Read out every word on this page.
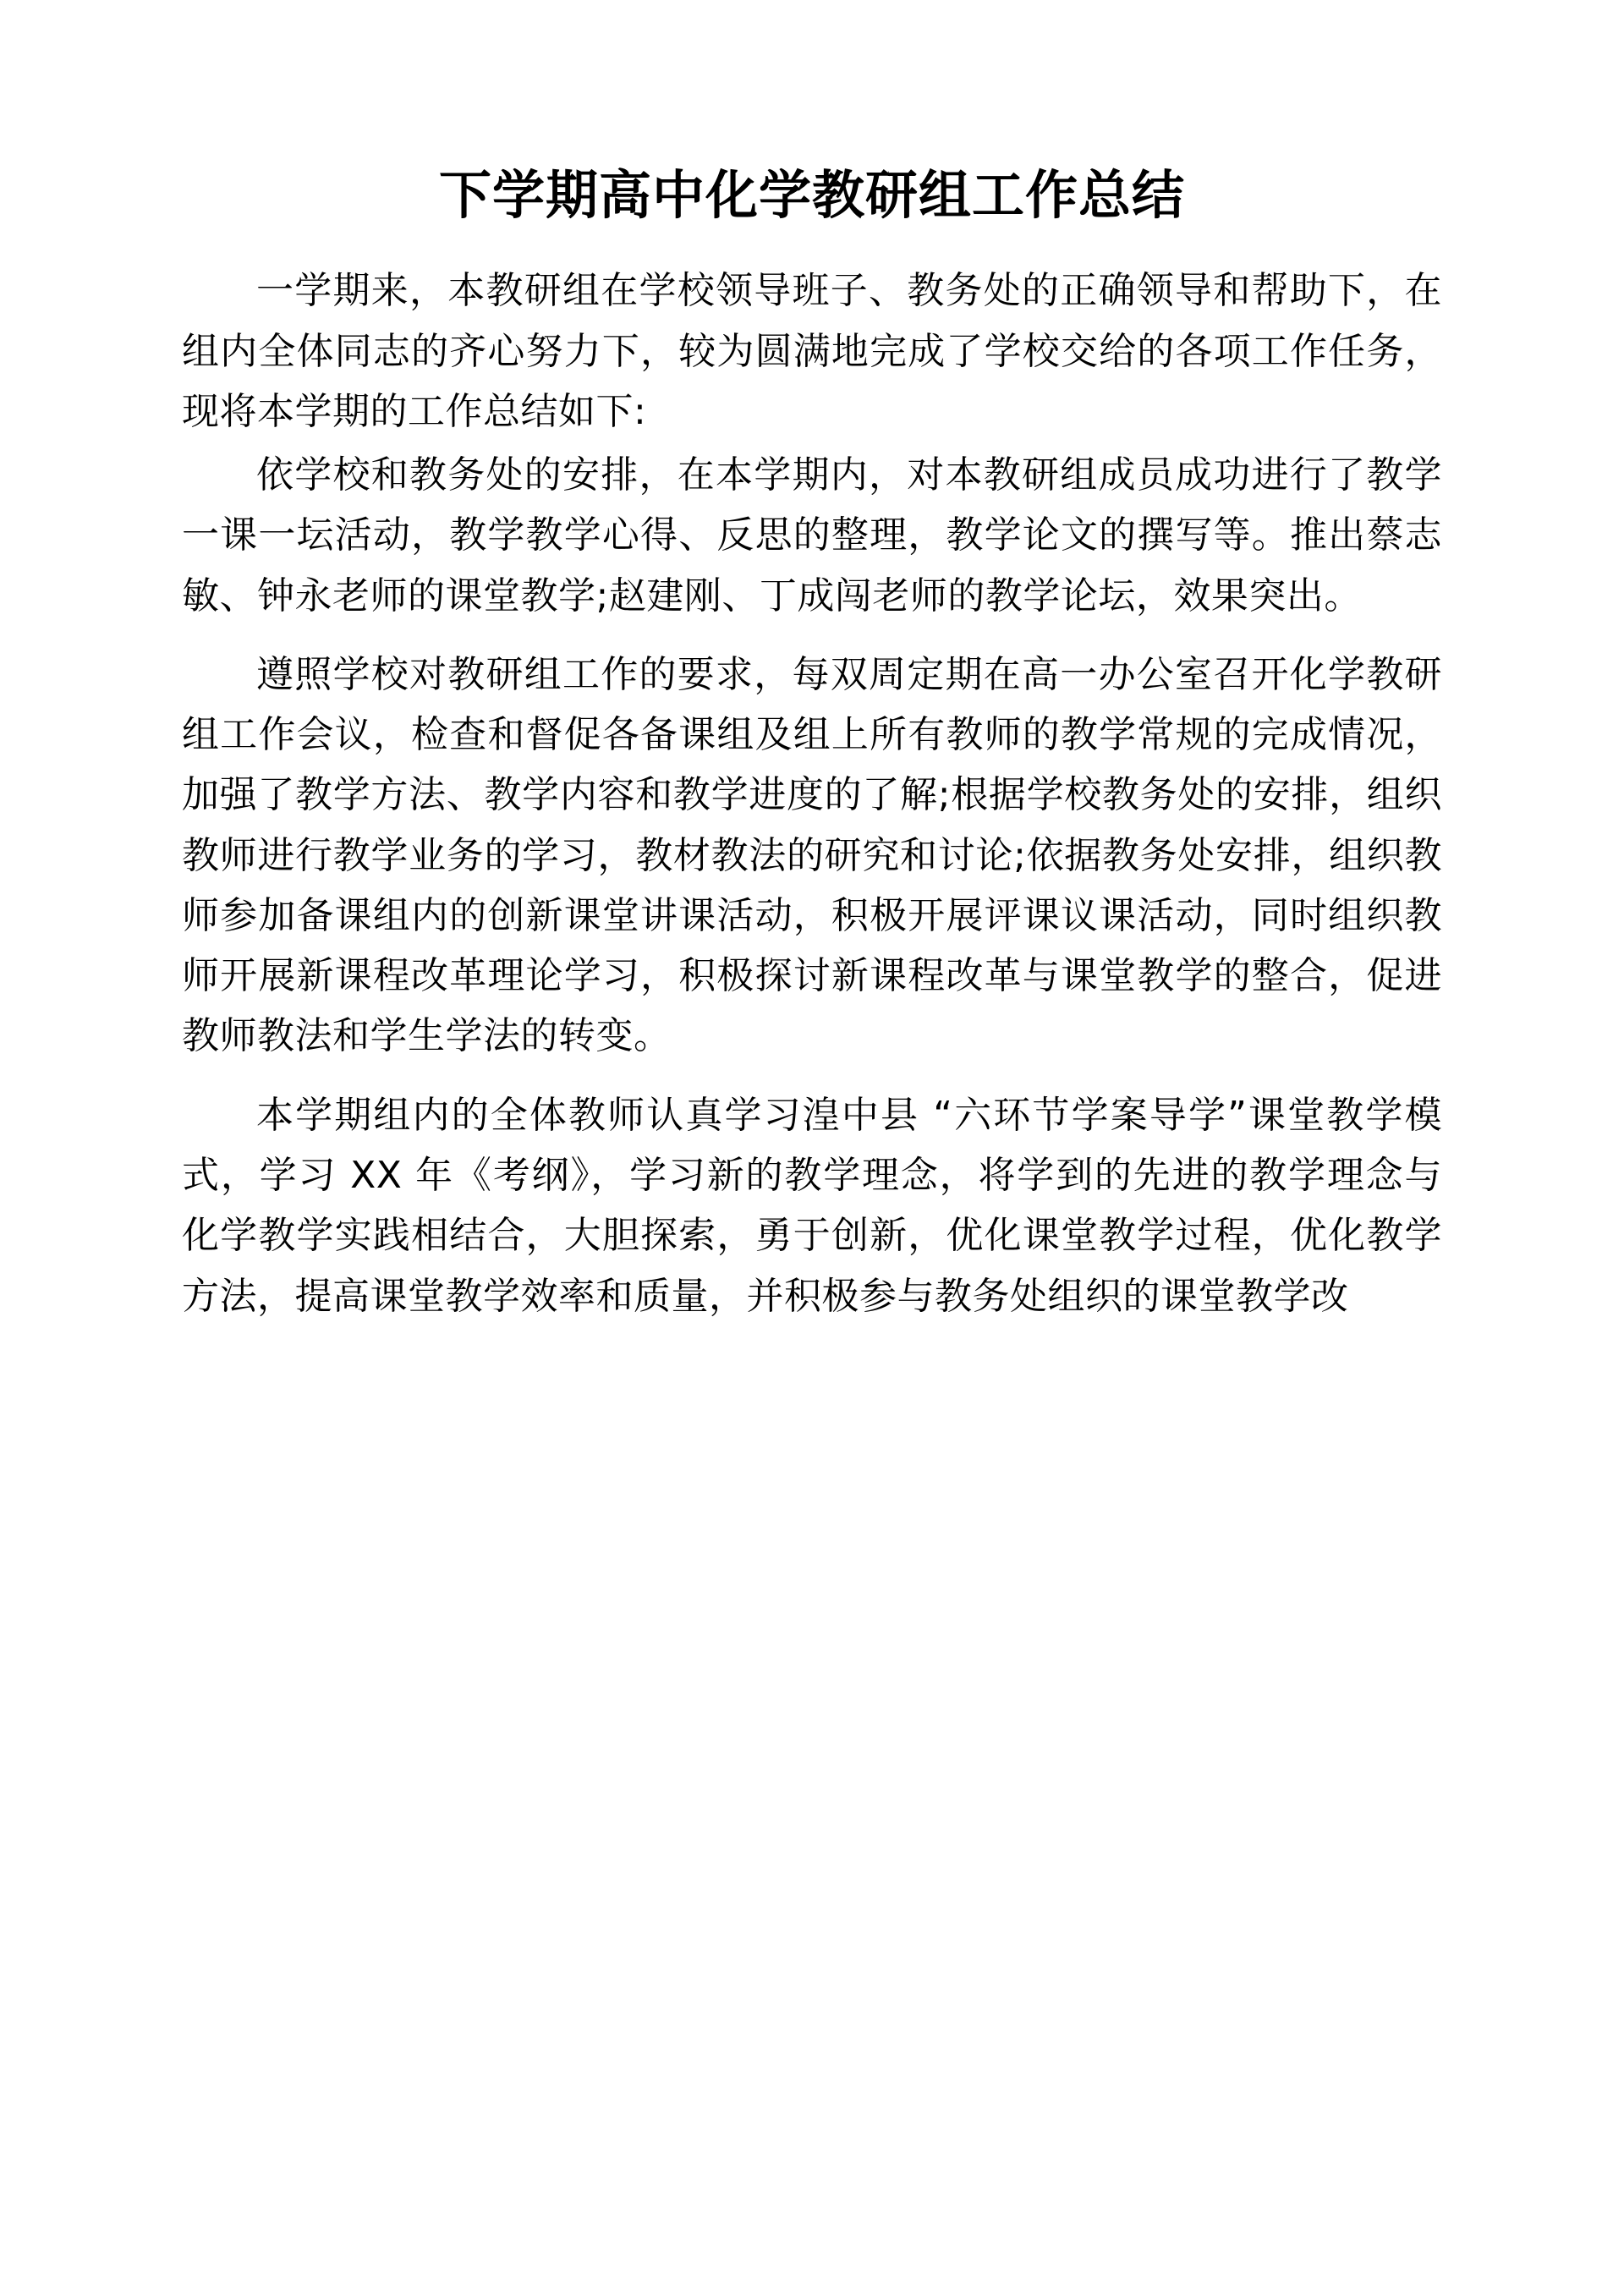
下学期高中化学教研组工作总结

一学期来，本教研组在学校领导班子、教务处的正确领导和帮助下，在组内全体同志的齐心努力下，较为圆满地完成了学校交给的各项工作任务，现将本学期的工作总结如下:

依学校和教务处的安排，在本学期内，对本教研组成员成功进行了教学一课一坛活动，教学教学心得、反思的整理，教学论文的撰写等。推出蔡志敏、钟永老师的课堂教学;赵建刚、丁成闯老师的教学论坛，效果突出。

遵照学校对教研组工作的要求，每双周定期在高一办公室召开化学教研组工作会议，检查和督促各备课组及组上所有教师的教学常规的完成情况，加强了教学方法、教学内容和教学进度的了解;根据学校教务处的安排，组织教师进行教学业务的学习，教材教法的研究和讨论;依据教务处安排，组织教师参加备课组内的创新课堂讲课活动，积极开展评课议课活动，同时组织教师开展新课程改革理论学习，积极探讨新课程改革与课堂教学的整合，促进教师教法和学生学法的转变。

本学期组内的全体教师认真学习湟中县 “六环节学案导学”课堂教学模式，学习 XX 年《考纲》，学习新的教学理念，将学到的先进的教学理念与化学教学实践相结合，大胆探索，勇于创新，优化课堂教学过程，优化教学方法，提高课堂教学效率和质量，并积极参与教务处组织的课堂教学改
